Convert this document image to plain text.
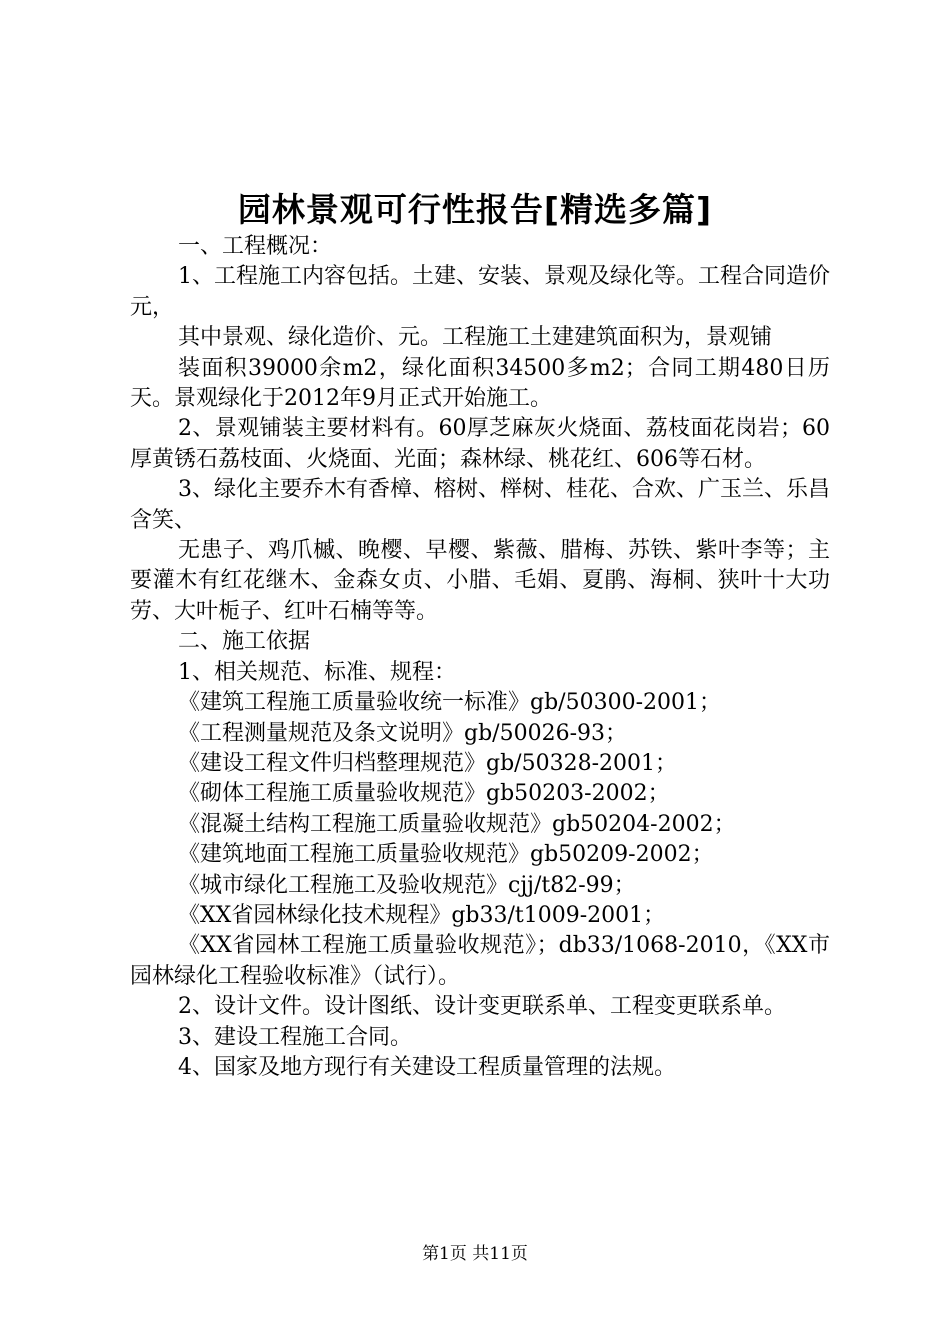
园林景观可行性报告[精选多篇]

一、工程概况：

1、工程施工内容包括。土建、安装、景观及绿化等。工程合同造价元，

其中景观、绿化造价、元。工程施工土建建筑面积为，景观铺

装面积39000余m2，绿化面积34500多m2；合同工期480日历天。景观绿化于2012年9月正式开始施工。

2、景观铺装主要材料有。60厚芝麻灰火烧面、荔枝面花岗岩；60厚黄锈石荔枝面、火烧面、光面；森林绿、桃花红、606等石材。

3、绿化主要乔木有香樟、榕树、榉树、桂花、合欢、广玉兰、乐昌含笑、

无患子、鸡爪槭、晚樱、早樱、紫薇、腊梅、苏铁、紫叶李等；主要灌木有红花继木、金森女贞、小腊、毛娟、夏鹃、海桐、狭叶十大功劳、大叶栀子、红叶石楠等等。

二、施工依据

1、相关规范、标准、规程：

《建筑工程施工质量验收统一标准》gb/50300-2001；

《工程测量规范及条文说明》gb/50026-93；

《建设工程文件归档整理规范》gb/50328-2001；

《砌体工程施工质量验收规范》gb50203-2002；

《混凝土结构工程施工质量验收规范》gb50204-2002；

《建筑地面工程施工质量验收规范》gb50209-2002；

《城市绿化工程施工及验收规范》cjj/t82-99；

《XX省园林绿化技术规程》gb33/t1009-2001；

《XX省园林工程施工质量验收规范》；db33/1068-2010，《XX市园林绿化工程验收标准》（试行）。

2、设计文件。设计图纸、设计变更联系单、工程变更联系单。

3、建设工程施工合同。

4、国家及地方现行有关建设工程质量管理的法规。

第1页 共11页
